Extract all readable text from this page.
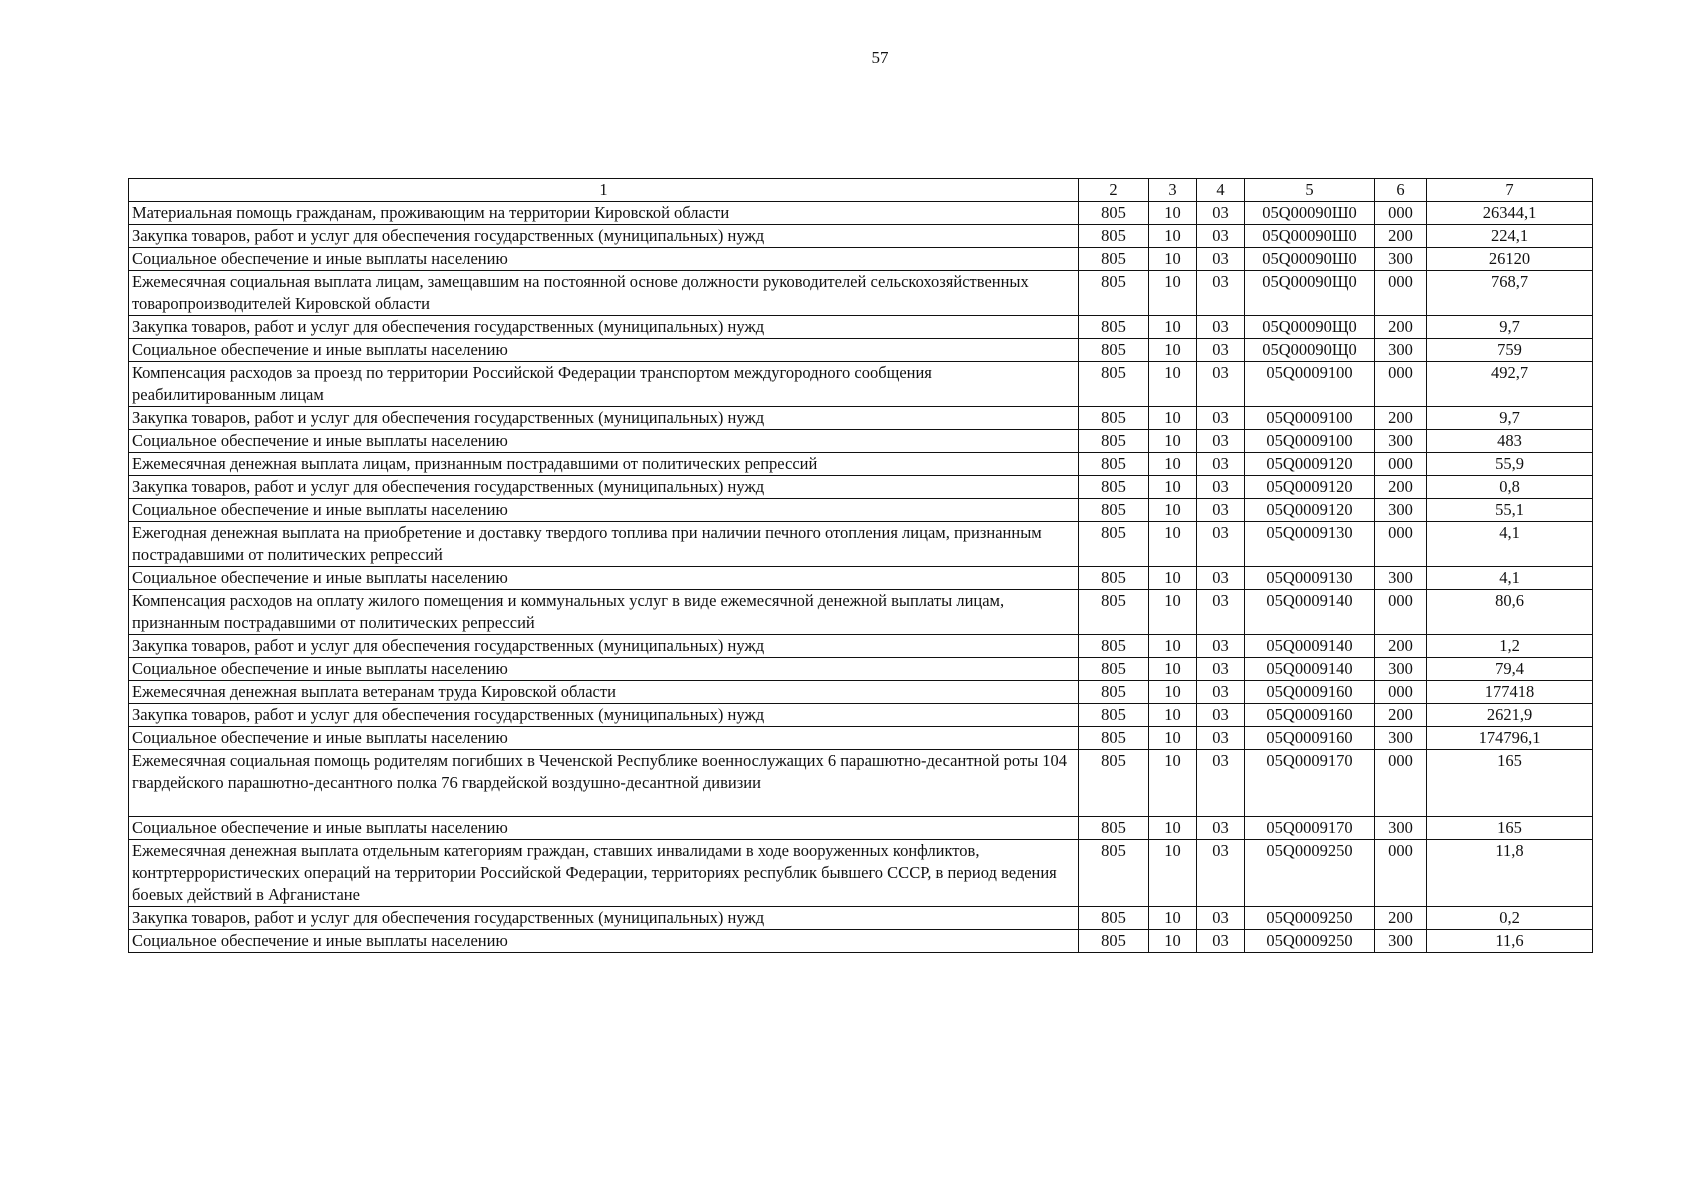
57
1	2	3	4	5	6	7
Материальная помощь гражданам, проживающим на территории Кировской области	805	10	03	05Q00090Ш0	000	26344,1
Закупка товаров, работ и услуг для обеспечения государственных (муниципальных) нужд	805	10	03	05Q00090Ш0	200	224,1
Социальное обеспечение и иные выплаты населению	805	10	03	05Q00090Ш0	300	26120
Ежемесячная социальная выплата лицам, замещавшим на постоянной основе должности руководителей сельскохозяйственных товаропроизводителей Кировской области	805	10	03	05Q00090Щ0	000	768,7
Закупка товаров, работ и услуг для обеспечения государственных (муниципальных) нужд	805	10	03	05Q00090Щ0	200	9,7
Социальное обеспечение и иные выплаты населению	805	10	03	05Q00090Щ0	300	759
Компенсация расходов за проезд по территории Российской Федерации транспортом междугородного сообщения реабилитированным лицам	805	10	03	05Q0009100	000	492,7
Закупка товаров, работ и услуг для обеспечения государственных (муниципальных) нужд	805	10	03	05Q0009100	200	9,7
Социальное обеспечение и иные выплаты населению	805	10	03	05Q0009100	300	483
Ежемесячная денежная выплата лицам, признанным пострадавшими от политических репрессий	805	10	03	05Q0009120	000	55,9
Закупка товаров, работ и услуг для обеспечения государственных (муниципальных) нужд	805	10	03	05Q0009120	200	0,8
Социальное обеспечение и иные выплаты населению	805	10	03	05Q0009120	300	55,1
Ежегодная денежная выплата на приобретение и доставку твердого топлива при наличии печного отопления лицам, признанным пострадавшими от политических репрессий	805	10	03	05Q0009130	000	4,1
Социальное обеспечение и иные выплаты населению	805	10	03	05Q0009130	300	4,1
Компенсация расходов на оплату жилого помещения и коммунальных услуг в виде ежемесячной денежной выплаты лицам, признанным пострадавшими от политических репрессий	805	10	03	05Q0009140	000	80,6
Закупка товаров, работ и услуг для обеспечения государственных (муниципальных) нужд	805	10	03	05Q0009140	200	1,2
Социальное обеспечение и иные выплаты населению	805	10	03	05Q0009140	300	79,4
Ежемесячная денежная выплата ветеранам труда Кировской области	805	10	03	05Q0009160	000	177418
Закупка товаров, работ и услуг для обеспечения государственных (муниципальных) нужд	805	10	03	05Q0009160	200	2621,9
Социальное обеспечение и иные выплаты населению	805	10	03	05Q0009160	300	174796,1
Ежемесячная социальная помощь родителям погибших в Чеченской Республике военнослужащих 6 парашютно-десантной роты 104 гвардейского парашютно-десантного полка 76 гвардейской воздушно-десантной дивизии	805	10	03	05Q0009170	000	165
Социальное обеспечение и иные выплаты населению	805	10	03	05Q0009170	300	165
Ежемесячная денежная выплата отдельным категориям граждан, ставших инвалидами в ходе вооруженных конфликтов, контртеррористических операций на территории Российской Федерации, территориях республик бывшего СССР, в период ведения боевых действий в Афганистане	805	10	03	05Q0009250	000	11,8
Закупка товаров, работ и услуг для обеспечения государственных (муниципальных) нужд	805	10	03	05Q0009250	200	0,2
Социальное обеспечение и иные выплаты населению	805	10	03	05Q0009250	300	11,6
